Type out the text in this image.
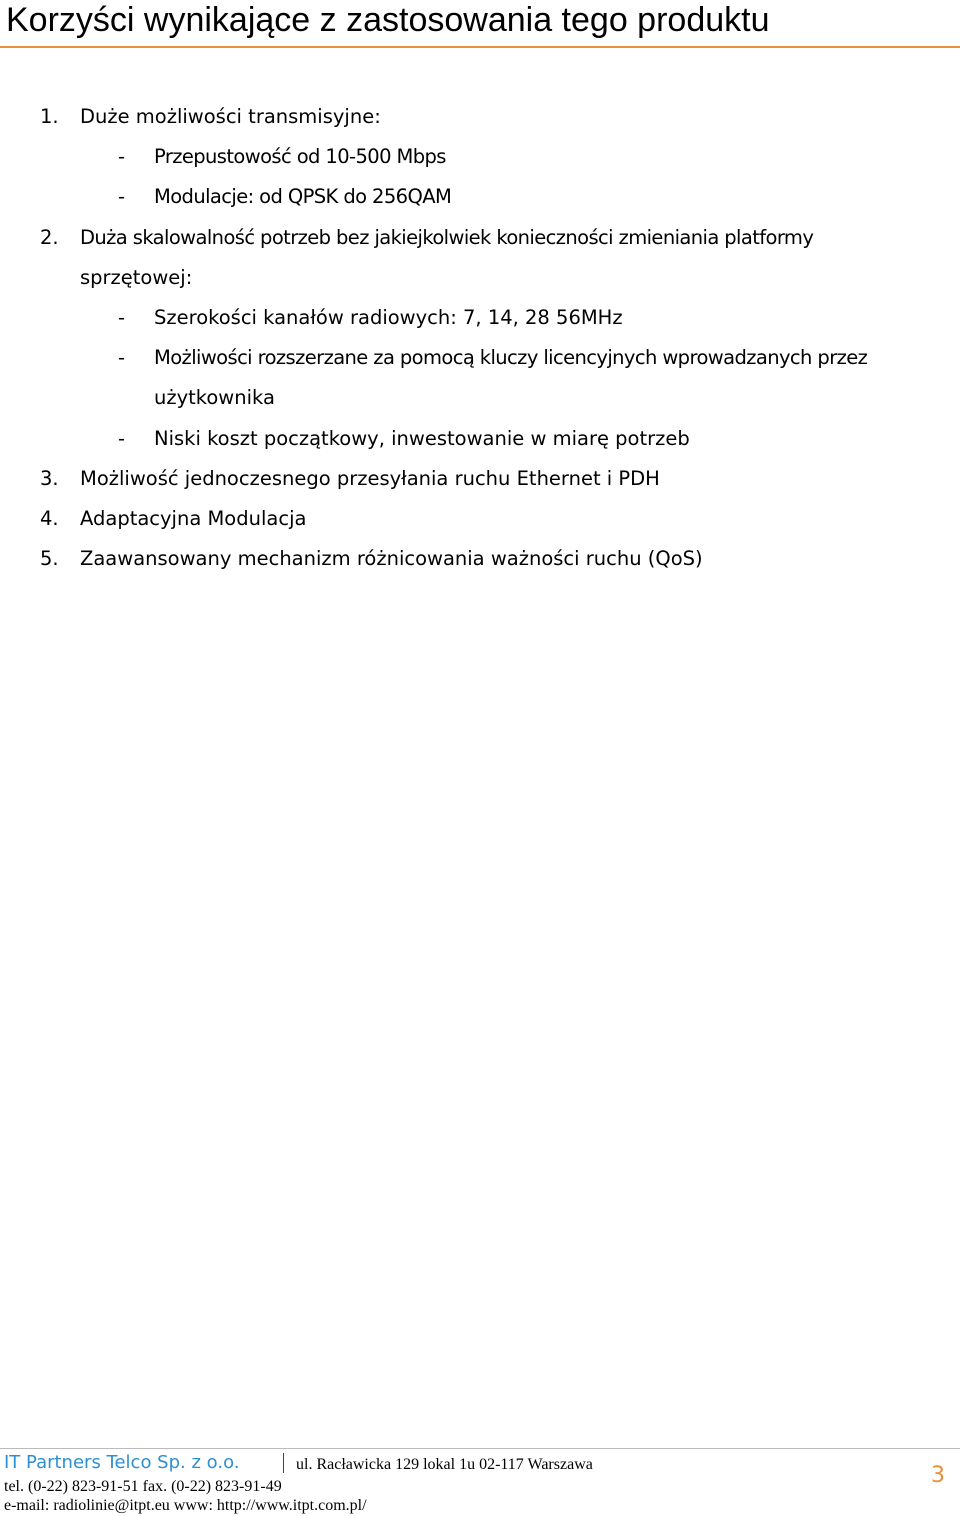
Korzyści wynikające z zastosowania tego produktu
1. Duże możliwości transmisyjne:
- Przepustowość od 10-500 Mbps
- Modulacje: od QPSK do 256QAM
2. Duża skalowalność potrzeb bez jakiejkolwiek konieczności zmieniania platformy
sprzętowej:
- Szerokości kanałów radiowych: 7, 14, 28 56MHz
- Możliwości rozszerzane za pomocą kluczy licencyjnych wprowadzanych przez
użytkownika
- Niski koszt początkowy, inwestowanie w miarę potrzeb
3. Możliwość jednoczesnego przesyłania ruchu Ethernet i PDH
4. Adaptacyjna Modulacja
5. Zaawansowany mechanizm różnicowania ważności ruchu (QoS)
IT Partners Telco Sp. z o.o.	ul. Racławicka 129 lokal 1u 02-117 Warszawa
tel. (0-22) 823-91-51 fax. (0-22) 823-91-49
e-mail: radiolinie@itpt.eu www: http://www.itpt.com.pl/
3
